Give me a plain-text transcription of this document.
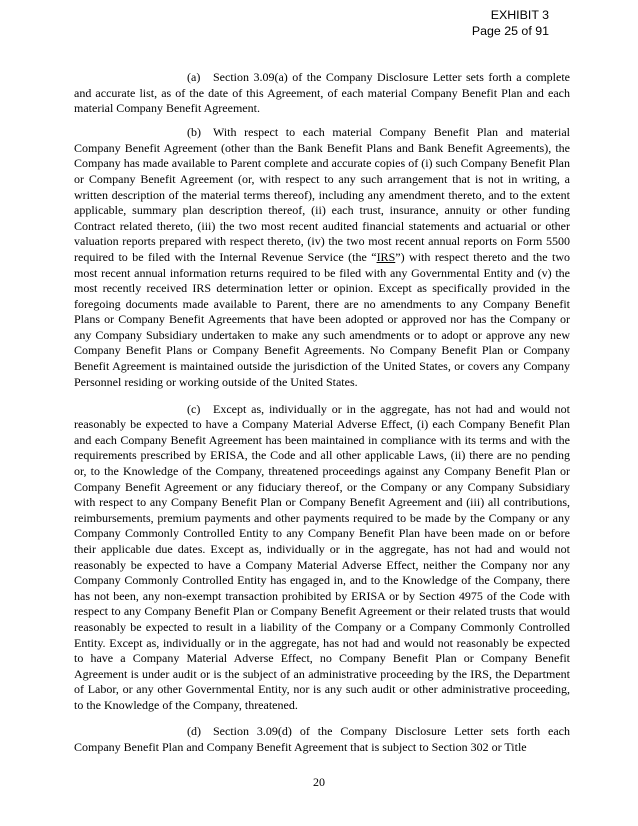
EXHIBIT 3
Page 25 of 91

(a) Section 3.09(a) of the Company Disclosure Letter sets forth a complete and accurate list, as of the date of this Agreement, of each material Company Benefit Plan and each material Company Benefit Agreement.

(b) With respect to each material Company Benefit Plan and material Company Benefit Agreement (other than the Bank Benefit Plans and Bank Benefit Agreements), the Company has made available to Parent complete and accurate copies of (i) such Company Benefit Plan or Company Benefit Agreement (or, with respect to any such arrangement that is not in writing, a written description of the material terms thereof), including any amendment thereto, and to the extent applicable, summary plan description thereof, (ii) each trust, insurance, annuity or other funding Contract related thereto, (iii) the two most recent audited financial statements and actuarial or other valuation reports prepared with respect thereto, (iv) the two most recent annual reports on Form 5500 required to be filed with the Internal Revenue Service (the “IRS”) with respect thereto and the two most recent annual information returns required to be filed with any Governmental Entity and (v) the most recently received IRS determination letter or opinion. Except as specifically provided in the foregoing documents made available to Parent, there are no amendments to any Company Benefit Plans or Company Benefit Agreements that have been adopted or approved nor has the Company or any Company Subsidiary undertaken to make any such amendments or to adopt or approve any new Company Benefit Plans or Company Benefit Agreements. No Company Benefit Plan or Company Benefit Agreement is maintained outside the jurisdiction of the United States, or covers any Company Personnel residing or working outside of the United States.

(c) Except as, individually or in the aggregate, has not had and would not reasonably be expected to have a Company Material Adverse Effect, (i) each Company Benefit Plan and each Company Benefit Agreement has been maintained in compliance with its terms and with the requirements prescribed by ERISA, the Code and all other applicable Laws, (ii) there are no pending or, to the Knowledge of the Company, threatened proceedings against any Company Benefit Plan or Company Benefit Agreement or any fiduciary thereof, or the Company or any Company Subsidiary with respect to any Company Benefit Plan or Company Benefit Agreement and (iii) all contributions, reimbursements, premium payments and other payments required to be made by the Company or any Company Commonly Controlled Entity to any Company Benefit Plan have been made on or before their applicable due dates. Except as, individually or in the aggregate, has not had and would not reasonably be expected to have a Company Material Adverse Effect, neither the Company nor any Company Commonly Controlled Entity has engaged in, and to the Knowledge of the Company, there has not been, any non-exempt transaction prohibited by ERISA or by Section 4975 of the Code with respect to any Company Benefit Plan or Company Benefit Agreement or their related trusts that would reasonably be expected to result in a liability of the Company or a Company Commonly Controlled Entity. Except as, individually or in the aggregate, has not had and would not reasonably be expected to have a Company Material Adverse Effect, no Company Benefit Plan or Company Benefit Agreement is under audit or is the subject of an administrative proceeding by the IRS, the Department of Labor, or any other Governmental Entity, nor is any such audit or other administrative proceeding, to the Knowledge of the Company, threatened.

(d) Section 3.09(d) of the Company Disclosure Letter sets forth each Company Benefit Plan and Company Benefit Agreement that is subject to Section 302 or Title

20
